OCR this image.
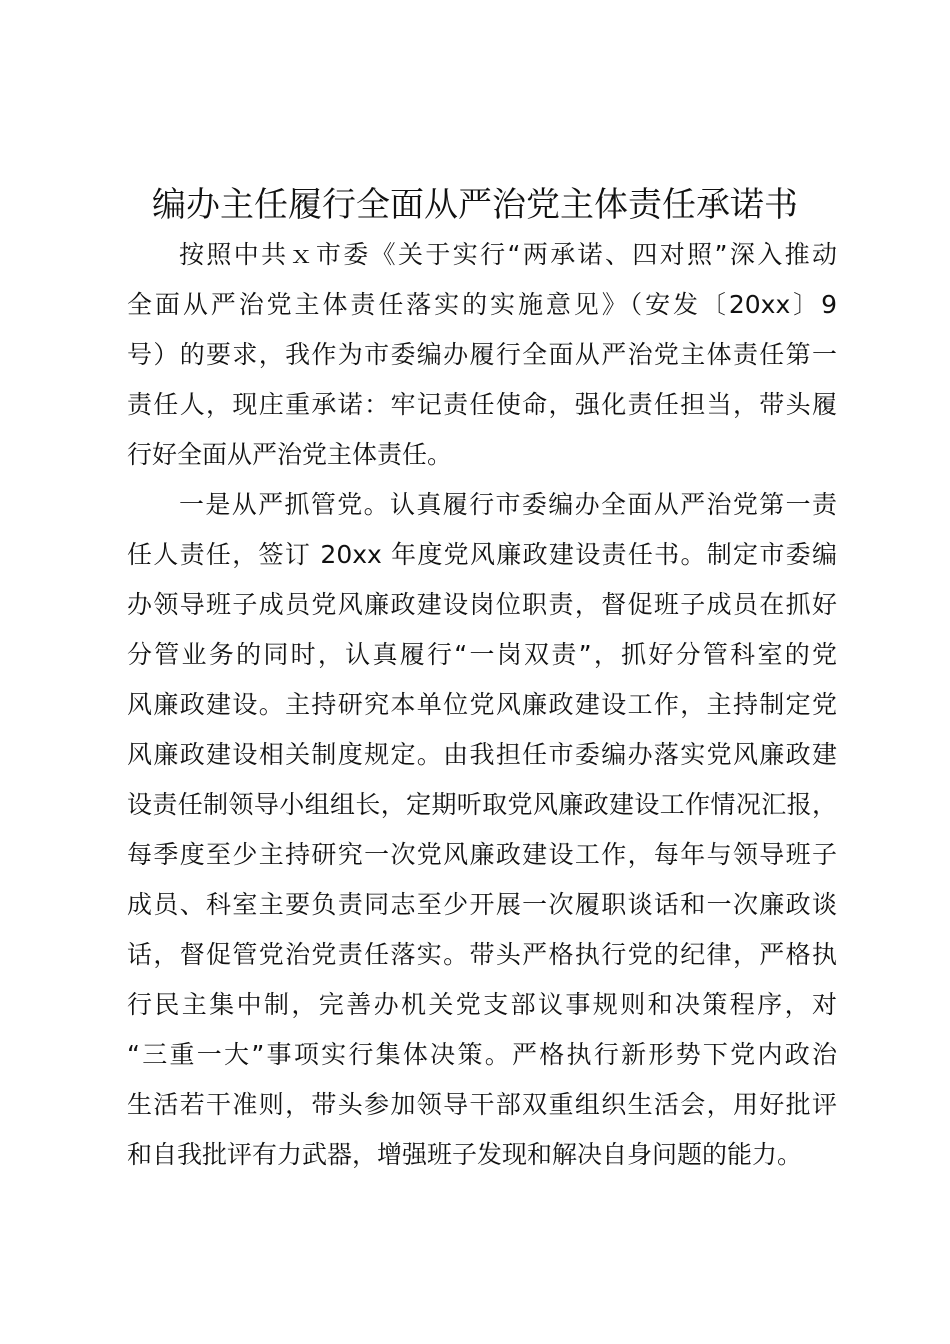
编办主任履行全面从严治党主体责任承诺书
按照中共ｘ市委《关于实行“两承诺、四对照”深入推动
全面从严治党主体责任落实的实施意见》（安发〔20xx〕9
号）的要求，我作为市委编办履行全面从严治党主体责任第一
责任人，现庄重承诺：牢记责任使命，强化责任担当，带头履
行好全面从严治党主体责任。
一是从严抓管党。认真履行市委编办全面从严治党第一责
任人责任，签订 20xx 年度党风廉政建设责任书。制定市委编
办领导班子成员党风廉政建设岗位职责，督促班子成员在抓好
分管业务的同时，认真履行“一岗双责”，抓好分管科室的党
风廉政建设。主持研究本单位党风廉政建设工作，主持制定党
风廉政建设相关制度规定。由我担任市委编办落实党风廉政建
设责任制领导小组组长，定期听取党风廉政建设工作情况汇报，
每季度至少主持研究一次党风廉政建设工作，每年与领导班子
成员、科室主要负责同志至少开展一次履职谈话和一次廉政谈
话，督促管党治党责任落实。带头严格执行党的纪律，严格执
行民主集中制，完善办机关党支部议事规则和决策程序，对
“三重一大”事项实行集体决策。严格执行新形势下党内政治
生活若干准则，带头参加领导干部双重组织生活会，用好批评
和自我批评有力武器，增强班子发现和解决自身问题的能力。
